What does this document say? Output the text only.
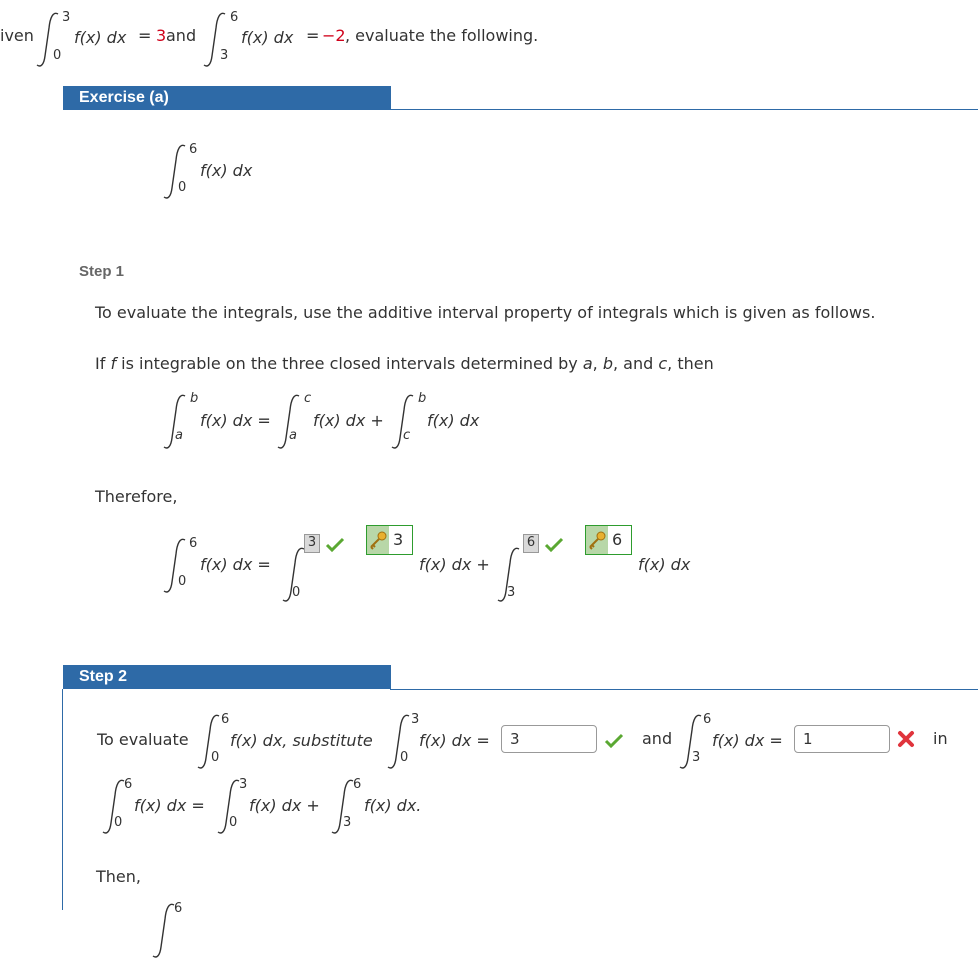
iven
3
0
f(x) dx = 3 and
6
3
f(x) dx = −2 , evaluate the following.
Exercise (a)
6
0
f(x) dx
Step 1
To evaluate the integrals, use the additive interval property of integrals which is given as follows.
If f is integrable on the three closed intervals determined by a, b, and c, then
b
a
f(x) dx =
c
a
f(x) dx +
b
c
f(x) dx
Therefore,
6
0
f(x) dx =
0
3	3
f(x) dx +
3
6	6
f(x) dx
Step 2
To evaluate
6
0
f(x) dx, substitute
3
0
f(x) dx =	3	and
6
3
f(x) dx =	1	in
6
0
f(x) dx =
3
0
f(x) dx +
6
3
f(x) dx.
Then,
6
